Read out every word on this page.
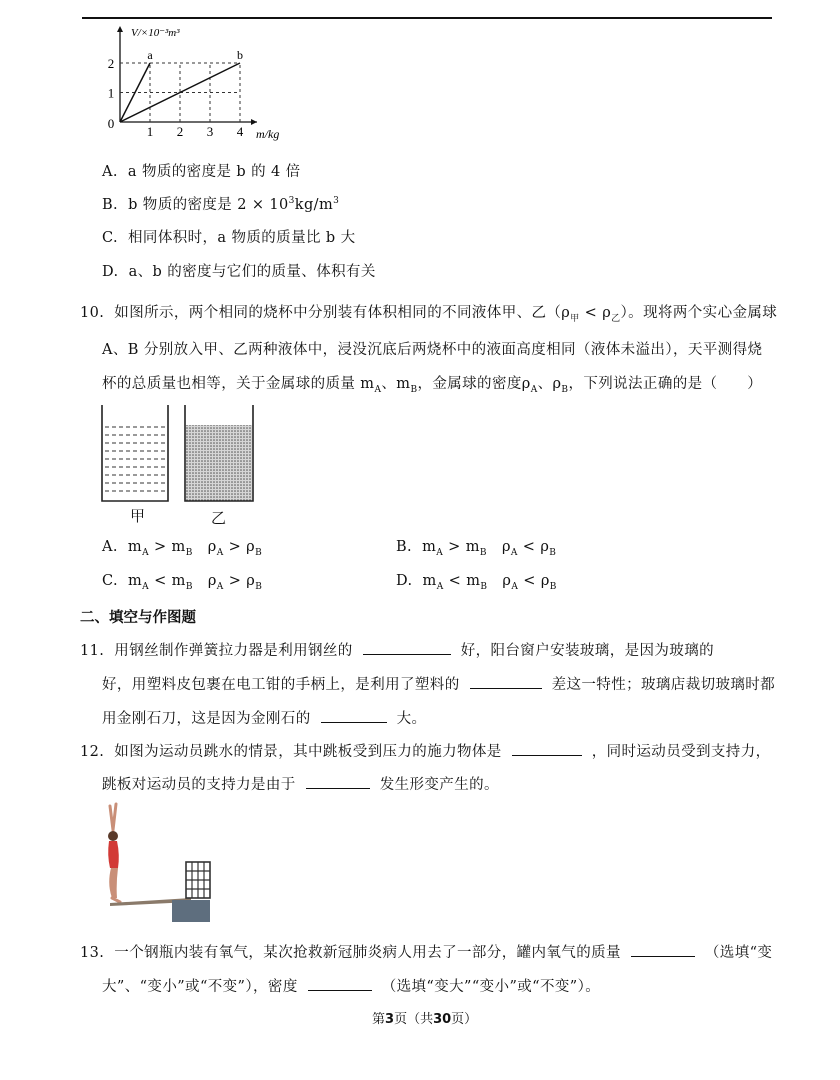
1 2 3 4
1
2
0
a	b
V/×10⁻³m³
m/kg
A. a 物质的密度是 b 的 4 倍
B. b 物质的密度是 $2 \times 10^3kg/m^3$
C. 相同体积时，a 物质的质量比 b 大
D. a、b 的密度与它们的质量、体积有关
10. 如图所示，两个相同的烧杯中分别装有体积相同的不同液体甲、乙$(\rho_甲 < \rho_乙)$。现将两个实心金属球
A、B 分别放入甲、乙两种液体中，浸没沉底后两烧杯中的液面高度相同（液体未溢出），天平测得烧
杯的总质量也相等，关于金属球的质量 $m_A$、$m_B$，金属球的密度$\rho_A$、$\rho_B$，下列说法正确的是（　　）
甲	乙
A.  $m_A > m_B$   $\rho_A > \rho_B$	B.  $m_A > m_B$   $\rho_A < \rho_B$
C.  $m_A < m_B$   $\rho_A > \rho_B$	D.  $m_A < m_B$   $\rho_A < \rho_B$
二、填空与作图题
11. 用钢丝制作弹簧拉力器是利用钢丝的	好，阳台窗户安装玻璃，是因为玻璃的
好，用塑料皮包裹在电工钳的手柄上，是利用了塑料的	差这一特性；玻璃店裁切玻璃时都
用金刚石刀，这是因为金刚石的	大。
12. 如图为运动员跳水的情景，其中跳板受到压力的施力物体是	，同时运动员受到支持力，
跳板对运动员的支持力是由于	发生形变产生的。
13. 一个钢瓶内装有氧气，某次抢救新冠肺炎病人用去了一部分，罐内氧气的质量	（选填“变
大”、“变小”或“不变”），密度	（选填“变大”“变小”或“不变”）。
第3页（共30页）
